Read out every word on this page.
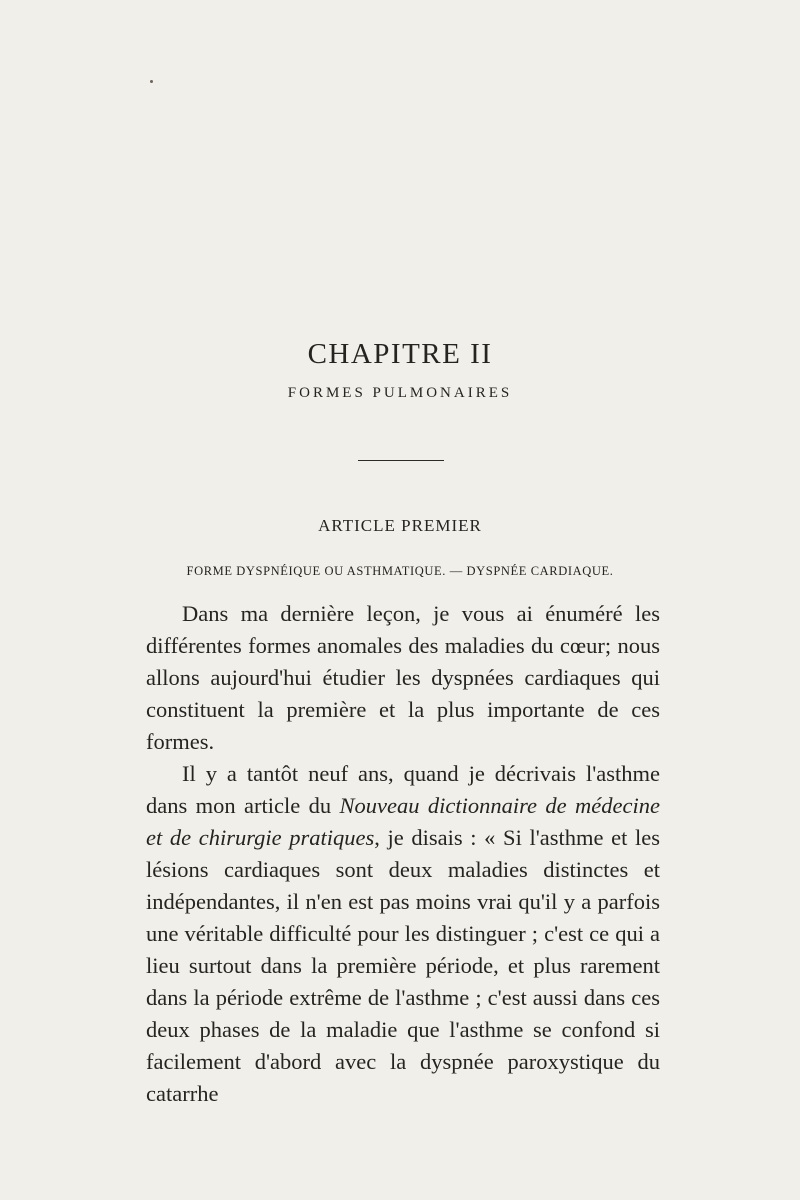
CHAPITRE II
FORMES PULMONAIRES
ARTICLE PREMIER
FORME DYSPNÉIQUE OU ASTHMATIQUE. — DYSPNÉE CARDIAQUE.

Dans ma dernière leçon, je vous ai énuméré les différentes formes anomales des maladies du cœur; nous allons aujourd'hui étudier les dyspnées cardiaques qui constituent la première et la plus importante de ces formes.

Il y a tantôt neuf ans, quand je décrivais l'asthme dans mon article du Nouveau dictionnaire de médecine et de chirurgie pratiques, je disais : « Si l'asthme et les lésions cardiaques sont deux maladies distinctes et indépendantes, il n'en est pas moins vrai qu'il y a parfois une véritable difficulté pour les distinguer ; c'est ce qui a lieu surtout dans la première période, et plus rarement dans la période extrême de l'asthme ; c'est aussi dans ces deux phases de la maladie que l'asthme se confond si facilement d'abord avec la dyspnée paroxystique du catarrhe
